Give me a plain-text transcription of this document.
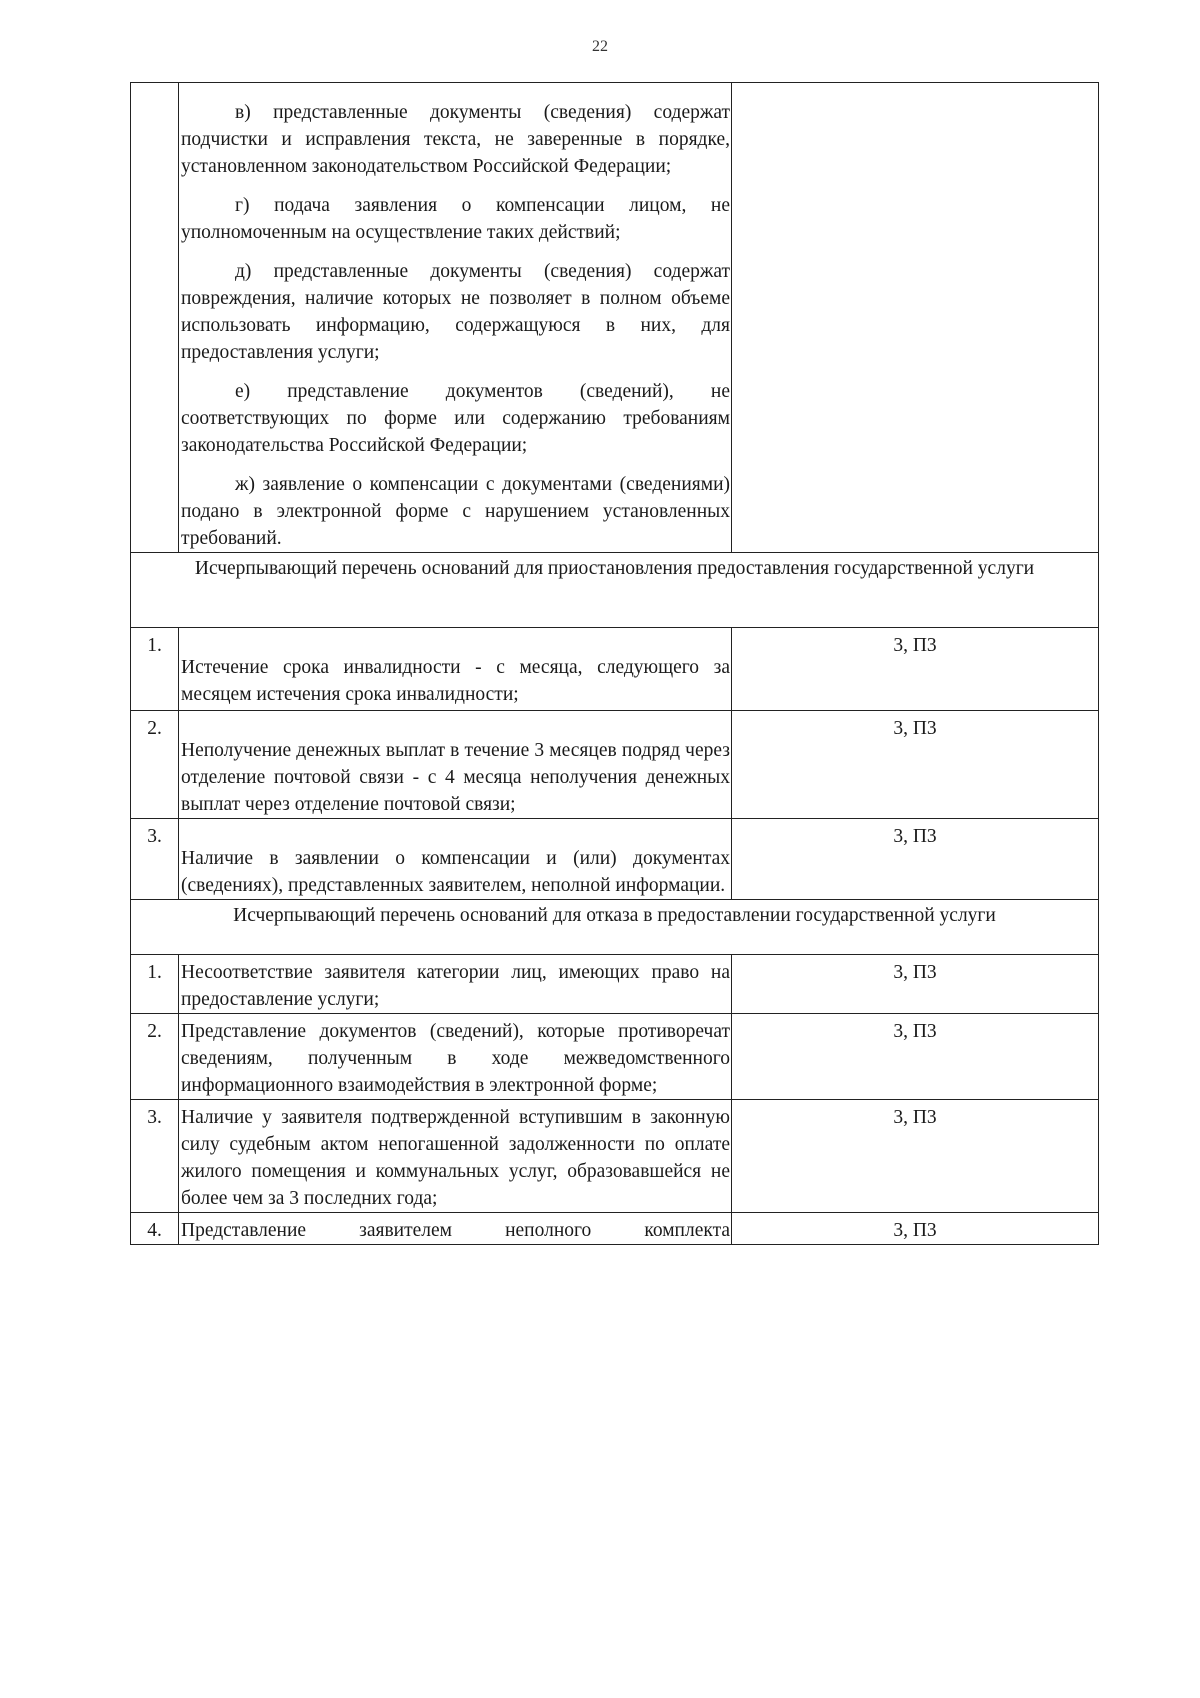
22

	в) представленные документы (сведения) содержат подчистки и исправления текста, не заверенные в порядке, установленном законодательством Российской Федерации;
г) подача заявления о компенсации лицом, не уполномоченным на осуществление таких действий;
д) представленные документы (сведения) содержат повреждения, наличие которых не позволяет в полном объеме использовать информацию, содержащуюся в них, для предоставления услуги;
е) представление документов (сведений), не соответствующих по форме или содержанию требованиям законодательства Российской Федерации;
ж) заявление о компенсации с документами (сведениями) подано в электронной форме с нарушением установленных требований.	

Исчерпывающий перечень оснований для приостановления предоставления государственной услуги		
1.	Истечение срока инвалидности - с месяца, следующего за месяцем истечения срока инвалидности;	3, П3
2.	Неполучение денежных выплат в течение 3 месяцев подряд через отделение почтовой связи - с 4 месяца неполучения денежных выплат через отделение почтовой связи;	3, П3
3.	Наличие в заявлении о компенсации и (или) документах (сведениях), представленных заявителем, неполной информации.	3, П3
Исчерпывающий перечень оснований для отказа в предоставлении государственной услуги		
1.	Несоответствие заявителя категории лиц, имеющих право на предоставление услуги;	3, П3
2.	Представление документов (сведений), которые противоречат сведениям, полученным в ходе межведомственного информационного взаимодействия в электронной форме;	3, П3
3.	Наличие у заявителя подтвержденной вступившим в законную силу судебным актом непогашенной задолженности по оплате жилого помещения и коммунальных услуг, образовавшейся не более чем за 3 последних года;	3, П3
4.	Представление заявителем неполного комплекта	3, П3
